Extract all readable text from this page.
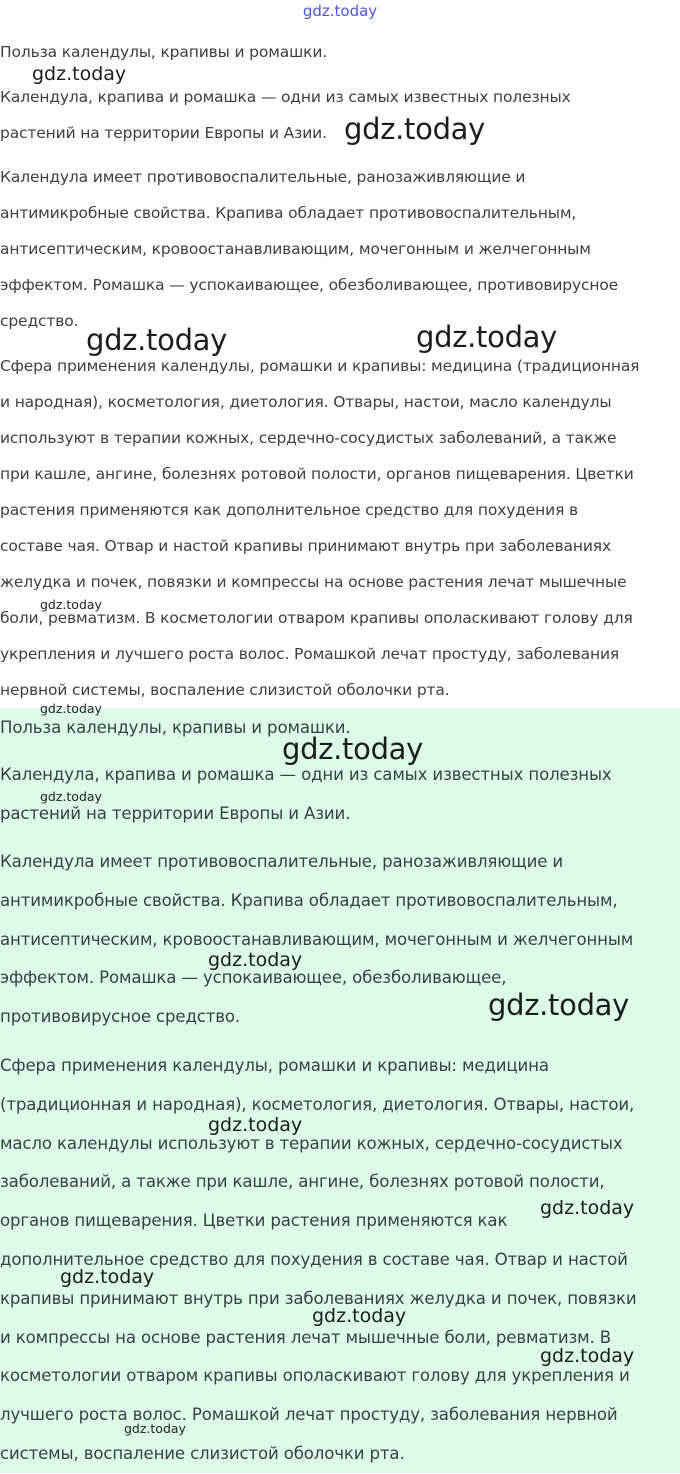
gdz.today

Польза календулы, крапивы и ромашки.

Календула, крапива и ромашка — одни из самых известных полезных
растений на территории Европы и Азии.

Календула имеет противовоспалительные, ранозаживляющие и
антимикробные свойства. Крапива обладает противовоспалительным,
антисептическим, кровоостанавливающим, мочегонным и желчегонным
эффектом. Ромашка — успокаивающее, обезболивающее, противовирусное
средство.

Сфера применения календулы, ромашки и крапивы: медицина (традиционная
и народная), косметология, диетология. Отвары, настои, масло календулы
используют в терапии кожных, сердечно-сосудистых заболеваний, а также
при кашле, ангине, болезнях ротовой полости, органов пищеварения. Цветки
растения применяются как дополнительное средство для похудения в
составе чая. Отвар и настой крапивы принимают внутрь при заболеваниях
желудка и почек, повязки и компрессы на основе растения лечат мышечные
боли, ревматизм. В косметологии отваром крапивы ополаскивают голову для
укрепления и лучшего роста волос. Ромашкой лечат простуду, заболевания
нервной системы, воспаление слизистой оболочки рта.

Польза календулы, крапивы и ромашки.

Календула, крапива и ромашка — одни из самых известных полезных
растений на территории Европы и Азии.

Календула имеет противовоспалительные, ранозаживляющие и
антимикробные свойства. Крапива обладает противовоспалительным,
антисептическим, кровоостанавливающим, мочегонным и желчегонным
эффектом. Ромашка — успокаивающее, обезболивающее,
противовирусное средство.

Сфера применения календулы, ромашки и крапивы: медицина
(традиционная и народная), косметология, диетология. Отвары, настои,
масло календулы используют в терапии кожных, сердечно-сосудистых
заболеваний, а также при кашле, ангине, болезнях ротовой полости,
органов пищеварения. Цветки растения применяются как
дополнительное средство для похудения в составе чая. Отвар и настой
крапивы принимают внутрь при заболеваниях желудка и почек, повязки
и компрессы на основе растения лечат мышечные боли, ревматизм. В
косметологии отваром крапивы ополаскивают голову для укрепления и
лучшего роста волос. Ромашкой лечат простуду, заболевания нервной
системы, воспаление слизистой оболочки рта.

gdz.today
gdz.today
gdz.today	gdz.today
gdz.today
gdz.today
gdz.today
gdz.today
gdz.today
gdz.today
gdz.today
gdz.today
gdz.today
gdz.today
gdz.today
gdz.today
